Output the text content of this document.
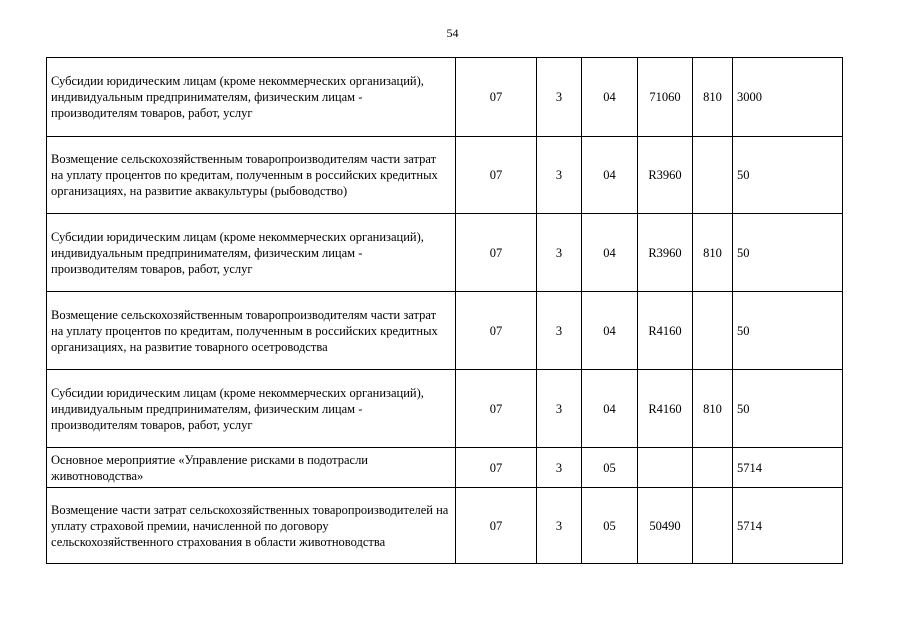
54
Субсидии юридическим лицам (кроме некоммерческих организаций), индивидуальным предпринимателям, физическим лицам - производителям товаров, работ, услуг	07	3	04	71060	810	3000
Возмещение сельскохозяйственным товаропроизводителям части затрат на уплату процентов по кредитам, полученным в российских кредитных организациях, на развитие аквакультуры (рыбоводство)	07	3	04	R3960		50
Субсидии юридическим лицам (кроме некоммерческих организаций), индивидуальным предпринимателям, физическим лицам - производителям товаров, работ, услуг	07	3	04	R3960	810	50
Возмещение сельскохозяйственным товаропроизводителям части затрат на уплату процентов по кредитам, полученным в российских кредитных организациях, на развитие товарного осетроводства	07	3	04	R4160		50
Субсидии юридическим лицам (кроме некоммерческих организаций), индивидуальным предпринимателям, физическим лицам - производителям товаров, работ, услуг	07	3	04	R4160	810	50
Основное мероприятие «Управление рисками в подотрасли животноводства»	07	3	05			5714
Возмещение части затрат сельскохозяйственных товаропроизводителей на уплату страховой премии, начисленной по договору сельскохозяйственного страхования в области животноводства	07	3	05	50490		5714
